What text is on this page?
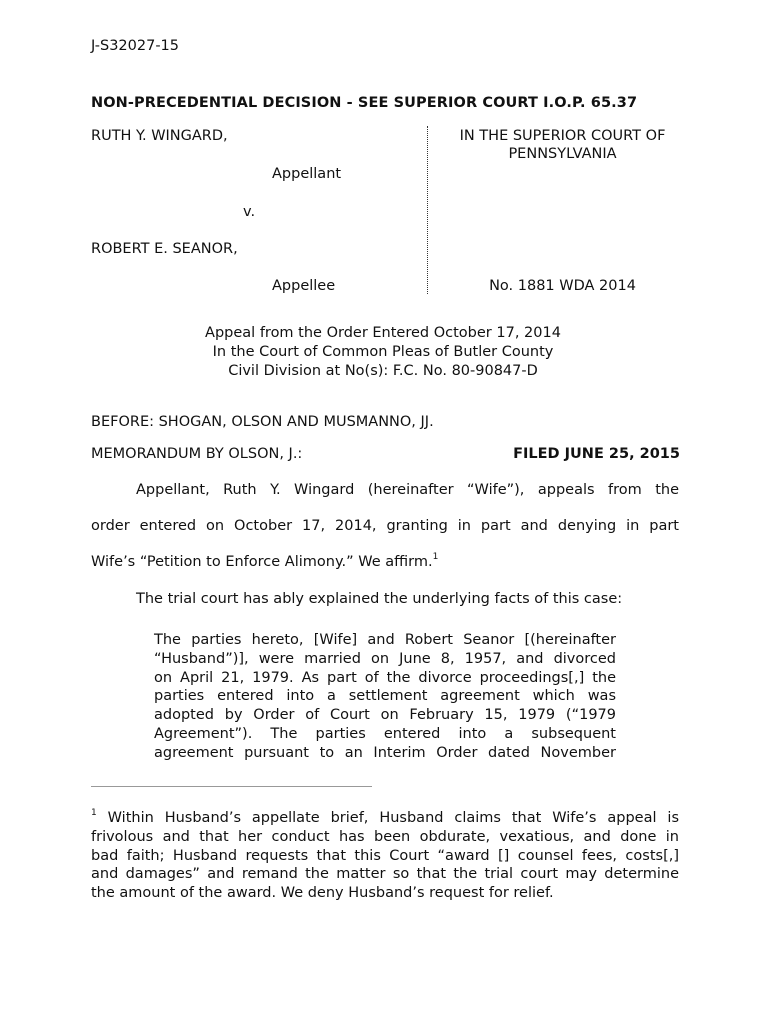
J-S32027-15
NON-PRECEDENTIAL DECISION - SEE SUPERIOR COURT I.O.P. 65.37
RUTH Y. WINGARD,
Appellant
v.
ROBERT E. SEANOR,
Appellee
IN THE SUPERIOR COURT OF
PENNSYLVANIA
No. 1881 WDA 2014
Appeal from the Order Entered October 17, 2014
In the Court of Common Pleas of Butler County
Civil Division at No(s): F.C. No. 80-90847-D
BEFORE: SHOGAN, OLSON AND MUSMANNO, JJ.
MEMORANDUM BY OLSON, J.:	FILED JUNE 25, 2015
Appellant, Ruth Y. Wingard (hereinafter “Wife”), appeals from the
order entered on October 17, 2014, granting in part and denying in part
Wife’s “Petition to Enforce Alimony.” We affirm.$^1$
The trial court has ably explained the underlying facts of this case:
The parties hereto, [Wife] and Robert Seanor [(hereinafter
“Husband”)], were married on June 8, 1957, and divorced
on April 21, 1979. As part of the divorce proceedings[,] the
parties entered into a settlement agreement which was
adopted by Order of Court on February 15, 1979 (“1979
Agreement”). The parties entered into a subsequent
agreement pursuant to an Interim Order dated November
$^1$ Within Husband’s appellate brief, Husband claims that Wife’s appeal is
frivolous and that her conduct has been obdurate, vexatious, and done in
bad faith; Husband requests that this Court “award [] counsel fees, costs[,]
and damages” and remand the matter so that the trial court may determine
the amount of the award. We deny Husband’s request for relief.
